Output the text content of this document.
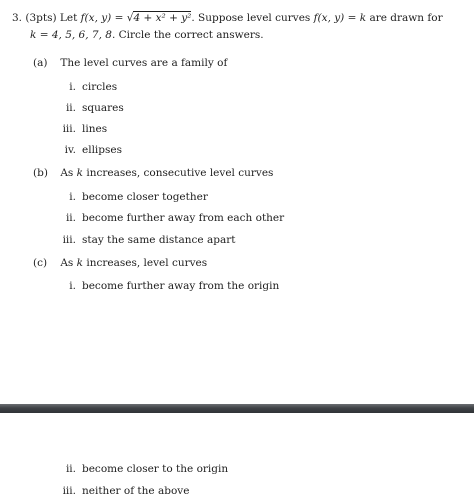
3. (3pts) Let f(x, y) = √4 + x² + y². Suppose level curves f(x, y) = k are drawn for
k = 4, 5, 6, 7, 8. Circle the correct answers.
(a) The level curves are a family of
i. circles
ii. squares
iii. lines
iv. ellipses
(b) As k increases, consecutive level curves
i. become closer together
ii. become further away from each other
iii. stay the same distance apart
(c) As k increases, level curves
i. become further away from the origin
ii. become closer to the origin
iii. neither of the above
